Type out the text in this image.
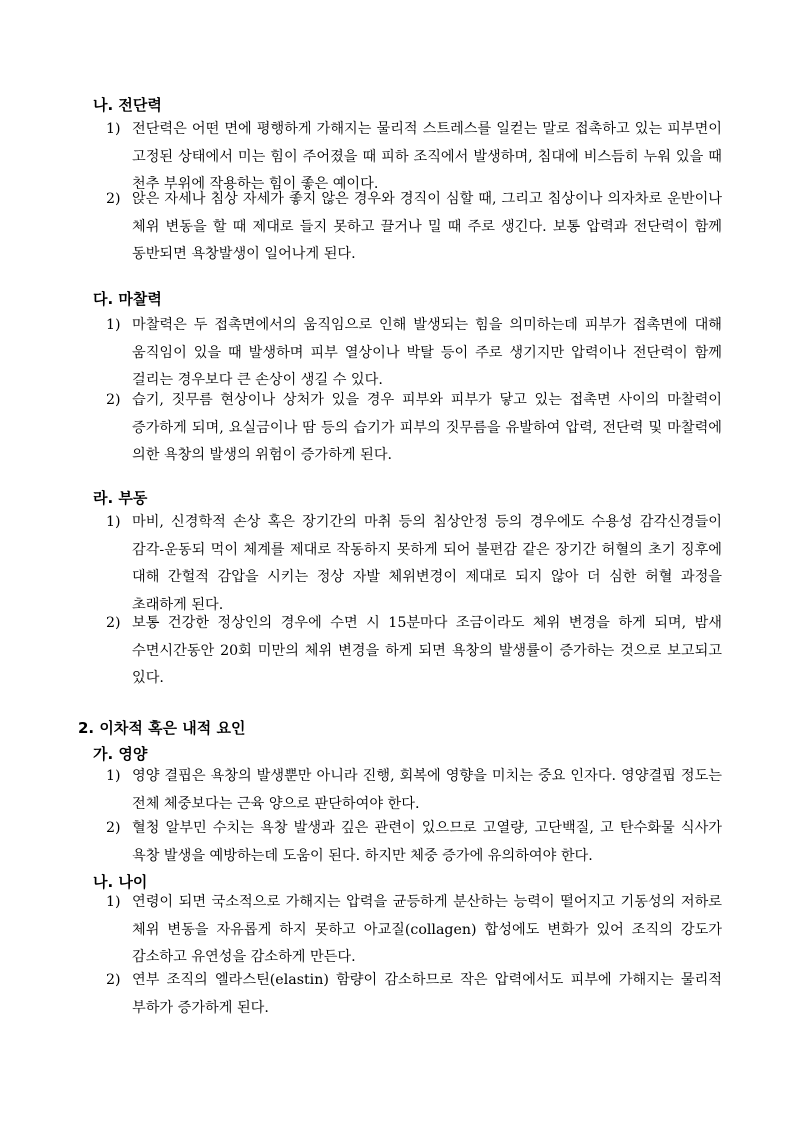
나. 전단력
1) 전단력은 어떤 면에 평행하게 가해지는 물리적 스트레스를 일컫는 말로 접촉하고 있는 피부면이 고정된 상태에서 미는 힘이 주어졌을 때 피하 조직에서 발생하며, 침대에 비스듬히 누워 있을 때 천추 부위에 작용하는 힘이 좋은 예이다.
2) 앉은 자세나 침상 자세가 좋지 않은 경우와 경직이 심할 때, 그리고 침상이나 의자차로 운반이나 체위 변동을 할 때 제대로 들지 못하고 끌거나 밀 때 주로 생긴다. 보통 압력과 전단력이 함께 동반되면 욕창발생이 일어나게 된다.
다. 마찰력
1) 마찰력은 두 접촉면에서의 움직임으로 인해 발생되는 힘을 의미하는데 피부가 접촉면에 대해 움직임이 있을 때 발생하며 피부 열상이나 박탈 등이 주로 생기지만 압력이나 전단력이 함께 걸리는 경우보다 큰 손상이 생길 수 있다.
2) 습기, 짓무름 현상이나 상처가 있을 경우 피부와 피부가 닿고 있는 접촉면 사이의 마찰력이 증가하게 되며, 요실금이나 땀 등의 습기가 피부의 짓무름을 유발하여 압력, 전단력 및 마찰력에 의한 욕창의 발생의 위험이 증가하게 된다.
라. 부동
1) 마비, 신경학적 손상 혹은 장기간의 마취 등의 침상안정 등의 경우에도 수용성 감각신경들이 감각-운동되 먹이 체계를 제대로 작동하지 못하게 되어 불편감 같은 장기간 허혈의 초기 징후에 대해 간헐적 감압을 시키는 정상 자발 체위변경이 제대로 되지 않아 더 심한 허혈 과정을 초래하게 된다.
2) 보통 건강한 정상인의 경우에 수면 시 15분마다 조금이라도 체위 변경을 하게 되며, 밤새 수면시간동안 20회 미만의 체위 변경을 하게 되면 욕창의 발생률이 증가하는 것으로 보고되고 있다.
2. 이차적 혹은 내적 요인
가. 영양
1) 영양 결핍은 욕창의 발생뿐만 아니라 진행, 회복에 영향을 미치는 중요 인자다. 영양결핍 정도는 전체 체중보다는 근육 양으로 판단하여야 한다.
2) 혈청 알부민 수치는 욕창 발생과 깊은 관련이 있으므로 고열량, 고단백질, 고 탄수화물 식사가 욕창 발생을 예방하는데 도움이 된다. 하지만 체중 증가에 유의하여야 한다.
나. 나이
1) 연령이 되면 국소적으로 가해지는 압력을 균등하게 분산하는 능력이 떨어지고 기동성의 저하로 체위 변동을 자유롭게 하지 못하고 아교질(collagen) 합성에도 변화가 있어 조직의 강도가 감소하고 유연성을 감소하게 만든다.
2) 연부 조직의 엘라스틴(elastin) 함량이 감소하므로 작은 압력에서도 피부에 가해지는 물리적 부하가 증가하게 된다.
